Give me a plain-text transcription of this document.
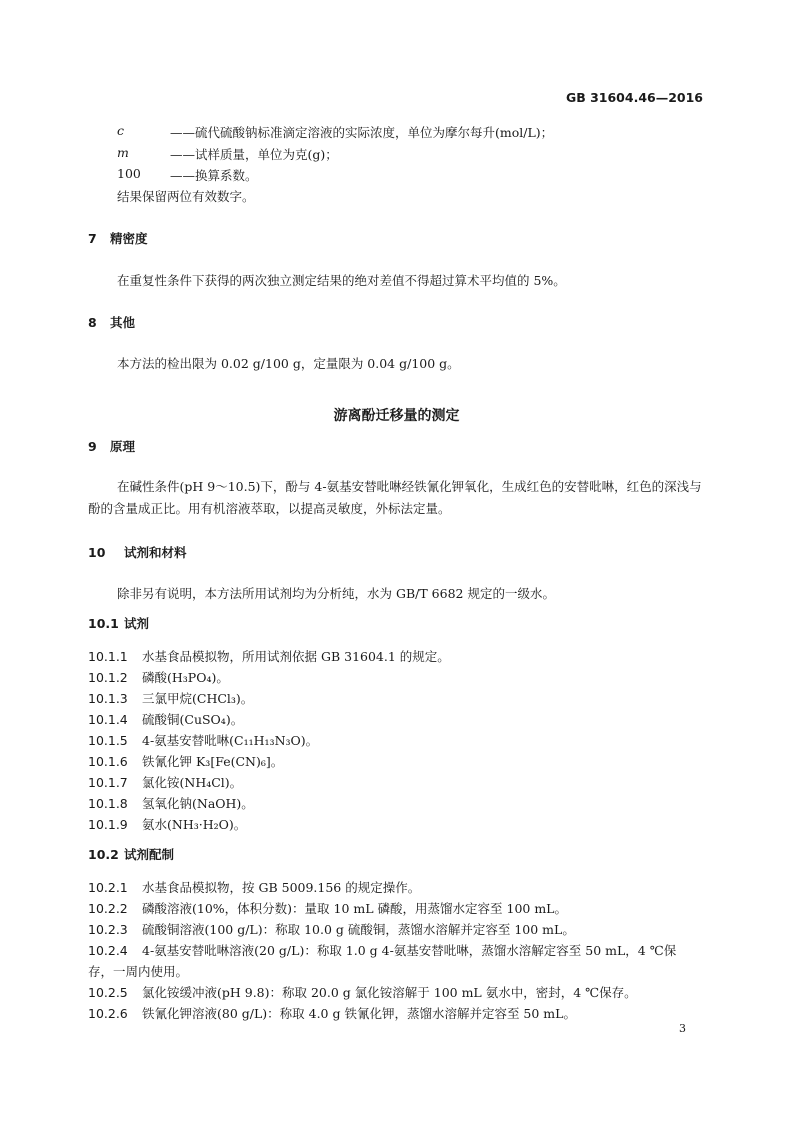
GB 31604.46—2016
c	——硫代硫酸钠标准滴定溶液的实际浓度，单位为摩尔每升(mol/L)；
m	——试样质量，单位为克(g)；
100 ——换算系数。
结果保留两位有效数字。
7 精密度
在重复性条件下获得的两次独立测定结果的绝对差值不得超过算术平均值的 5%。
8 其他
本方法的检出限为 0.02 g/100 g，定量限为 0.04 g/100 g。
游离酚迁移量的测定
9 原理
在碱性条件(pH 9～10.5)下，酚与 4-氨基安替吡啉经铁氰化钾氧化，生成红色的安替吡啉，红色的深浅与酚的含量成正比。用有机溶液萃取，以提高灵敏度，外标法定量。
10 试剂和材料
除非另有说明，本方法所用试剂均为分析纯，水为 GB/T 6682 规定的一级水。
10.1 试剂
10.1.1 水基食品模拟物，所用试剂依据 GB 31604.1 的规定。
10.1.2 磷酸(H₃PO₄)。
10.1.3 三氯甲烷(CHCl₃)。
10.1.4 硫酸铜(CuSO₄)。
10.1.5 4-氨基安替吡啉(C₁₁H₁₃N₃O)。
10.1.6 铁氰化钾 K₃[Fe(CN)₆]。
10.1.7 氯化铵(NH₄Cl)。
10.1.8 氢氧化钠(NaOH)。
10.1.9 氨水(NH₃·H₂O)。
10.2 试剂配制
10.2.1 水基食品模拟物，按 GB 5009.156 的规定操作。
10.2.2 磷酸溶液(10%，体积分数)：量取 10 mL 磷酸，用蒸馏水定容至 100 mL。
10.2.3 硫酸铜溶液(100 g/L)：称取 10.0 g 硫酸铜，蒸馏水溶解并定容至 100 mL。
10.2.4 4-氨基安替吡啉溶液(20 g/L)：称取 1.0 g 4-氨基安替吡啉，蒸馏水溶解定容至 50 mL，4 ℃保
存，一周内使用。
10.2.5 氯化铵缓冲液(pH 9.8)：称取 20.0 g 氯化铵溶解于 100 mL 氨水中，密封，4 ℃保存。
10.2.6 铁氰化钾溶液(80 g/L)：称取 4.0 g 铁氰化钾，蒸馏水溶解并定容至 50 mL。
3
